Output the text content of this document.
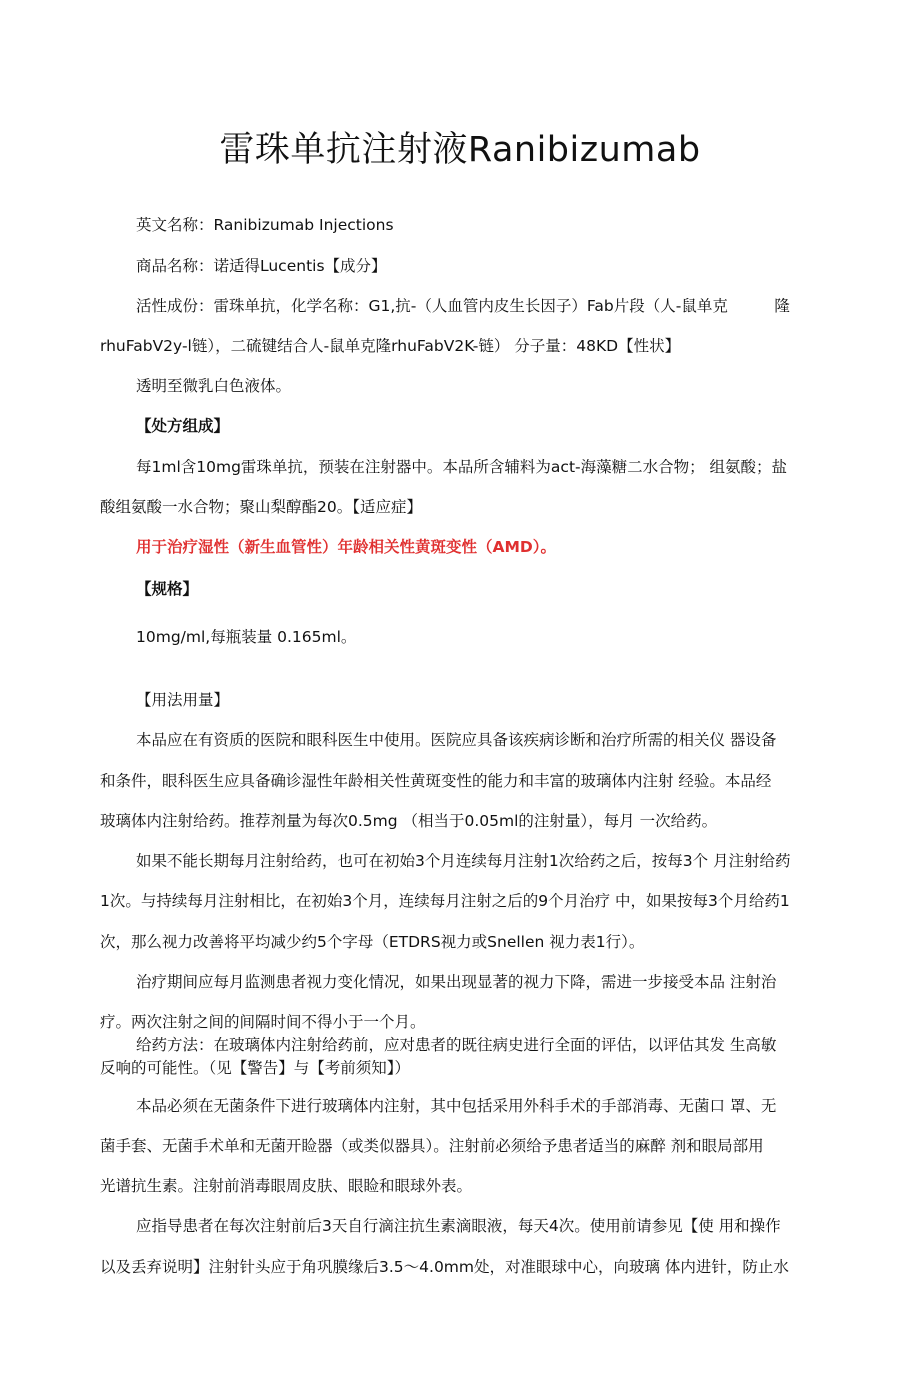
雷珠单抗注射液Ranibizumab
英文名称：Ranibizumab Injections
商品名称：诺适得Lucentis【成分】
活性成份：雷珠单抗，化学名称：G1,抗-（人血管内皮生长因子）Fab片段（人-鼠单克　　　隆
rhuFabV2y-l链），二硫键结合人-鼠单克隆rhuFabV2K-链） 分子量：48KD【性状】
透明至微乳白色液体。
【处方组成】
每1ml含10mg雷珠单抗，预装在注射器中。本品所含辅料为act-海藻糖二水合物； 组氨酸；盐
酸组氨酸一水合物；聚山梨醇酯20。【适应症】
用于治疗湿性（新生血管性）年龄相关性黄斑变性（AMD）。
【规格】
10mg/ml,每瓶装量 0.165ml。
【用法用量】
本品应在有资质的医院和眼科医生中使用。医院应具备该疾病诊断和治疗所需的相关仪 器设备
和条件，眼科医生应具备确诊湿性年龄相关性黄斑变性的能力和丰富的玻璃体内注射 经验。本品经
玻璃体内注射给药。推荐剂量为每次0.5mg （相当于0.05ml的注射量），每月 一次给药。
如果不能长期每月注射给药，也可在初始3个月连续每月注射1次给药之后，按每3个 月注射给药
1次。与持续每月注射相比，在初始3个月，连续每月注射之后的9个月治疗 中，如果按每3个月给药1
次，那么视力改善将平均减少约5个字母（ETDRS视力或Snellen 视力表1行）。
治疗期间应每月监测患者视力变化情况，如果出现显著的视力下降，需进一步接受本品 注射治
疗。两次注射之间的间隔时间不得小于一个月。
给药方法：在玻璃体内注射给药前，应对患者的既往病史进行全面的评估，以评估其发 生高敏
反响的可能性。（见【警告】与【考前须知】）
本品必须在无菌条件下进行玻璃体内注射，其中包括采用外科手术的手部消毒、无菌口 罩、无
菌手套、无菌手术单和无菌开睑器（或类似器具）。注射前必须给予患者适当的麻醉 剂和眼局部用
光谱抗生素。注射前消毒眼周皮肤、眼睑和眼球外表。
应指导患者在每次注射前后3天自行滴注抗生素滴眼液，每天4次。使用前请参见【使 用和操作
以及丢弃说明】注射针头应于角巩膜缘后3.5〜4.0mm处，对准眼球中心，向玻璃 体内进针，防止水
